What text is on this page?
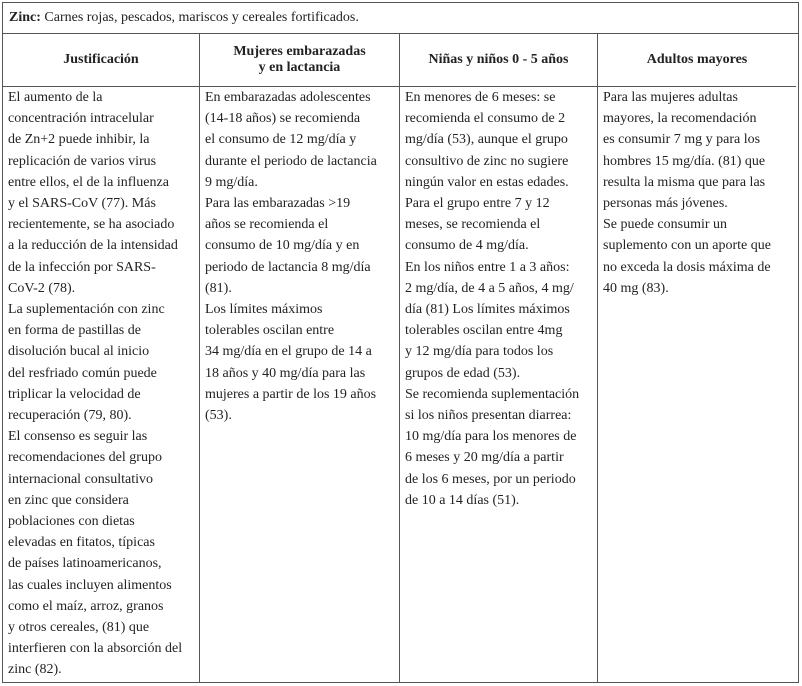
Zinc: Carnes rojas, pescados, mariscos y cereales fortificados.
Justificación
Mujeres embarazadas
y en lactancia
Niñas y niños 0 - 5 años	Adultos mayores
El aumento de la
concentración intracelular
de Zn+2 puede inhibir, la
replicación de varios virus
entre ellos, el de la influenza
y el SARS-CoV (77). Más
recientemente, se ha asociado
a la reducción de la intensidad
de la infección por SARS-
CoV-2 (78).
La suplementación con zinc
en forma de pastillas de
disolución bucal al inicio
del resfriado común puede
triplicar la velocidad de
recuperación (79, 80).
El consenso es seguir las
recomendaciones del grupo
internacional consultativo
en zinc que considera
poblaciones con dietas
elevadas en fitatos, típicas
de países latinoamericanos,
las cuales incluyen alimentos
como el maíz, arroz, granos
y otros cereales, (81) que
interfieren con la absorción del
zinc (82).
En embarazadas adolescentes
(14-18 años) se recomienda
el consumo de 12 mg/día y
durante el periodo de lactancia
9 mg/día.
Para las embarazadas >19
años se recomienda el
consumo de 10 mg/día y en
periodo de lactancia 8 mg/día
(81).
Los límites máximos
tolerables oscilan entre
34 mg/día en el grupo de 14 a
18 años y 40 mg/día para las
mujeres a partir de los 19 años
(53).
En menores de 6 meses: se
recomienda el consumo de 2
mg/día (53), aunque el grupo
consultivo de zinc no sugiere
ningún valor en estas edades.
Para el grupo entre 7 y 12
meses, se recomienda el
consumo de 4 mg/día.
En los niños entre 1 a 3 años:
2 mg/día, de 4 a 5 años, 4 mg/
día (81) Los límites máximos
tolerables oscilan entre 4mg
y 12 mg/día para todos los
grupos de edad (53).
Se recomienda suplementación
si los niños presentan diarrea:
10 mg/día para los menores de
6 meses y 20 mg/día a partir
de los 6 meses, por un periodo
de 10 a 14 días (51).
Para las mujeres adultas
mayores, la recomendación
es consumir 7 mg y para los
hombres 15 mg/día. (81) que
resulta la misma que para las
personas más jóvenes.
Se puede consumir un
suplemento con un aporte que
no exceda la dosis máxima de
40 mg (83).
